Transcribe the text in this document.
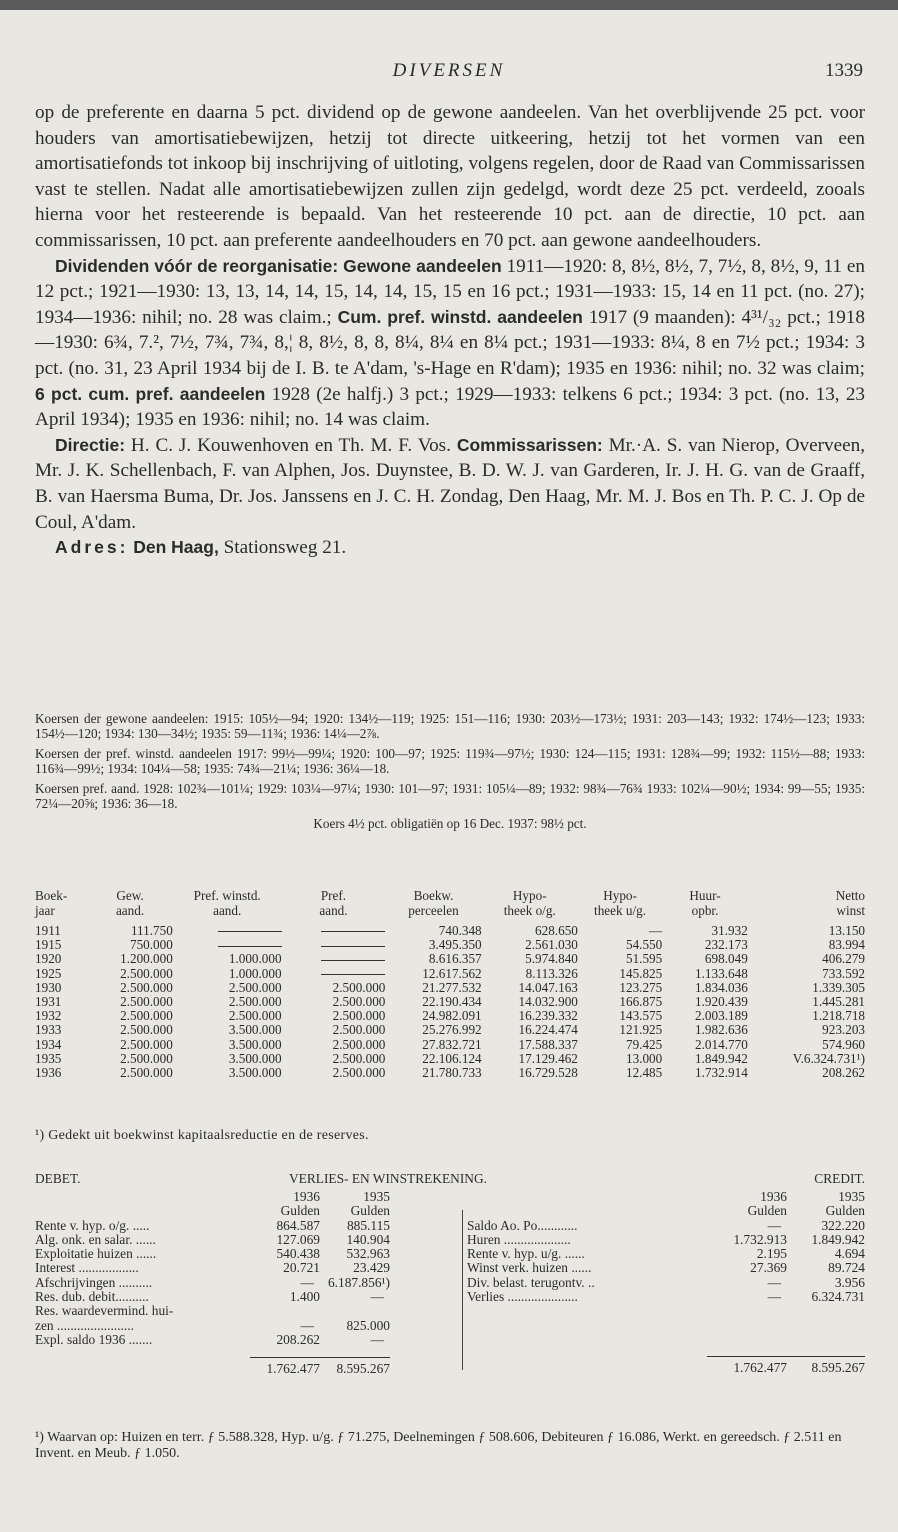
DIVERSEN	1339

op de preferente en daarna 5 pct. dividend op de gewone aandeelen. Van het overblijvende 25 pct. voor houders van amortisatiebewijzen, hetzij tot directe uitkeering, hetzij tot het vormen van een amortisatiefonds tot inkoop bij inschrijving of uitloting, volgens regelen, door de Raad van Commissarissen vast te stellen. Nadat alle amortisatiebewijzen zullen zijn gedelgd, wordt deze 25 pct. verdeeld, zooals hierna voor het resteerende is bepaald. Van het resteerende 10 pct. aan de directie, 10 pct. aan commissarissen, 10 pct. aan preferente aandeelhouders en 70 pct. aan gewone aandeelhouders.

Dividenden vóór de reorganisatie: Gewone aandeelen 1911—1920: 8, 8½, 8½, 7, 7½, 8, 8½, 9, 11 en 12 pct.; 1921—1930: 13, 13, 14, 14, 15, 14, 14, 15, 15 en 16 pct.; 1931—1933: 15, 14 en 11 pct. (no. 27); 1934—1936: nihil; no. 28 was claim.; Cum. pref. winstd. aandeelen 1917 (9 maanden): 4³¹/₃₂ pct.; 1918—1930: 6¾, 7.², 7½, 7¾, 7¾, 8,¦ 8, 8½, 8, 8, 8¼, 8¼ en 8¼ pct.; 1931—1933: 8¼, 8 en 7½ pct.; 1934: 3 pct. (no. 31, 23 April 1934 bij de I. B. te A'dam, 's-Hage en R'dam); 1935 en 1936: nihil; no. 32 was claim; 6 pct. cum. pref. aandeelen 1928 (2e halfj.) 3 pct.; 1929—1933: telkens 6 pct.; 1934: 3 pct. (no. 13, 23 April 1934); 1935 en 1936: nihil; no. 14 was claim.

Directie: H. C. J. Kouwenhoven en Th. M. F. Vos. Commissarissen: Mr.·A. S. van Nierop, Overveen, Mr. J. K. Schellenbach, F. van Alphen, Jos. Duynstee, B. D. W. J. van Garderen, Ir. J. H. G. van de Graaff, B. van Haersma Buma, Dr. Jos. Janssens en J. C. H. Zondag, Den Haag, Mr. M. J. Bos en Th. P. C. J. Op de Coul, A'dam.

Adres: Den Haag, Stationsweg 21.

Koersen der gewone aandeelen: 1915: 105½—94; 1920: 134½—119; 1925: 151—116; 1930: 203½—173½; 1931: 203—143; 1932: 174½—123; 1933: 154½—120; 1934: 130—34½; 1935: 59—11¾; 1936: 14¼—2⅞.

Koersen der pref. winstd. aandeelen 1917: 99½—99¼; 1920: 100—97; 1925: 119¾—97½; 1930: 124—115; 1931: 128¾—99; 1932: 115½—88; 1933: 116¾—99½; 1934: 104¼—58; 1935: 74¾—21¼; 1936: 36¼—18.

Koersen pref. aand. 1928: 102¾—101¼; 1929: 103¼—97¼; 1930: 101—97; 1931: 105¼—89; 1932: 98¾—76¾ 1933: 102¼—90½; 1934: 99—55; 1935: 72¼—20⅝; 1936: 36—18.

Koers 4½ pct. obligatiën op 16 Dec. 1937: 98½ pct.

Boek-	Gew.	Pref. winstd.	Pref.	Boekw.	Hypo-	Hypo-	Huur-	Netto
jaar	aand.	aand.	aand.	perceelen	theek o/g.	theek u/g.	opbr.	winst
1911	111.750			740.348	628.650	—	31.932	13.150
1915	750.000			3.495.350	2.561.030	54.550	232.173	83.994
1920	1.200.000	1.000.000		8.616.357	5.974.840	51.595	698.049	406.279
1925	2.500.000	1.000.000		12.617.562	8.113.326	145.825	1.133.648	733.592
1930	2.500.000	2.500.000	2.500.000	21.277.532	14.047.163	123.275	1.834.036	1.339.305
1931	2.500.000	2.500.000	2.500.000	22.190.434	14.032.900	166.875	1.920.439	1.445.281
1932	2.500.000	2.500.000	2.500.000	24.982.091	16.239.332	143.575	2.003.189	1.218.718
1933	2.500.000	3.500.000	2.500.000	25.276.992	16.224.474	121.925	1.982.636	923.203
1934	2.500.000	3.500.000	2.500.000	27.832.721	17.588.337	79.425	2.014.770	574.960
1935	2.500.000	3.500.000	2.500.000	22.106.124	17.129.462	13.000	1.849.942	V.6.324.731¹)
1936	2.500.000	3.500.000	2.500.000	21.780.733	16.729.528	12.485	1.732.914	208.262
¹) Gedekt uit boekwinst kapitaalsreductie en de reserves.
DEBET.	VERLIES- EN WINSTREKENING.	CREDIT.
	1936	1935
	Gulden	Gulden
Rente v. hyp. o/g. .....	864.587	885.115
Alg. onk. en salar. ......	127.069	140.904
Exploitatie huizen ......	540.438	532.963
Interest ..................	20.721	23.429
Afschrijvingen ..........	—	6.187.856¹)
Res. dub. debit..........	1.400	—
Res. waardevermind. hui-		
zen .......................	—	825.000
Expl. saldo 1936 .......	208.262	—

	1.762.477	8.595.267
	1936	1935
	Gulden	Gulden
Saldo Ao. Po............	—	322.220
Huren ....................	1.732.913	1.849.942
Rente v. hyp. u/g. ......	2.195	4.694
Winst verk. huizen ......	27.369	89.724
Div. belast. terugontv. ..	—	3.956
Verlies .....................	—	6.324.731

	1.762.477	8.595.267
¹) Waarvan op: Huizen en terr. ƒ 5.588.328, Hyp. u/g. ƒ 71.275, Deelnemingen ƒ 508.606, Debiteuren ƒ 16.086, Werkt. en gereedsch. ƒ 2.511 en Invent. en Meub. ƒ 1.050.
